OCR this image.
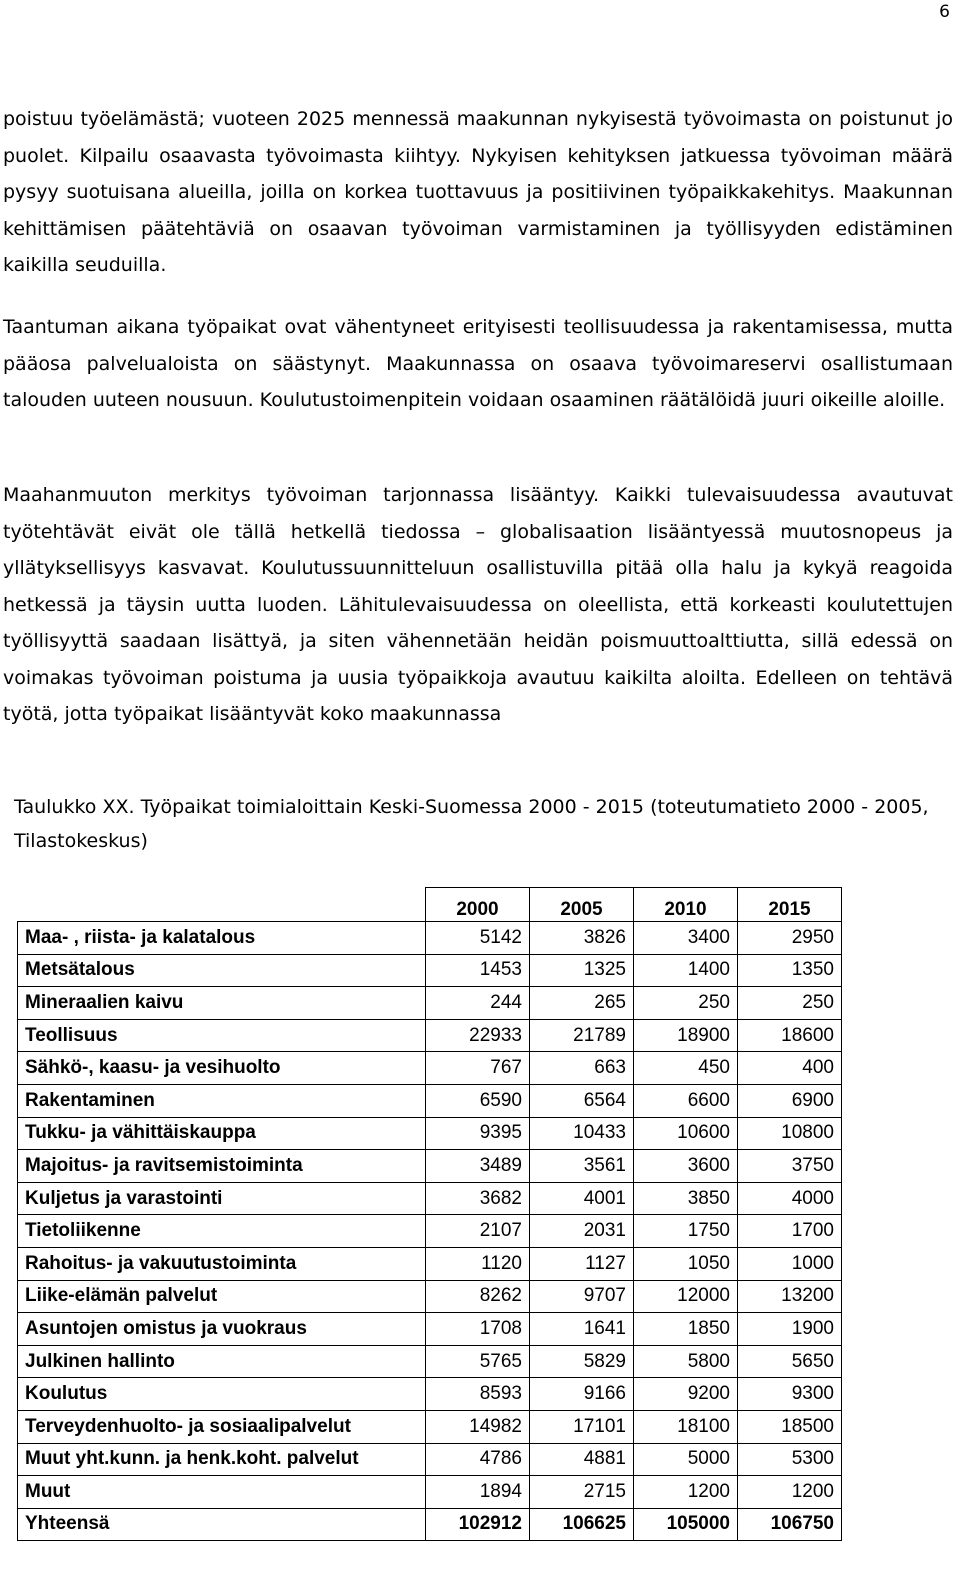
6

poistuu työelämästä; vuoteen 2025 mennessä maakunnan nykyisestä työvoimasta on poistunut jo puolet. Kilpailu osaavasta työvoimasta kiihtyy. Nykyisen kehityksen jatkuessa työvoiman määrä pysyy suotuisana alueilla, joilla on korkea tuottavuus ja positiivinen työpaikkakehitys. Maakunnan kehittämisen päätehtäviä on osaavan työvoiman varmistaminen ja työllisyyden edistäminen kaikilla seuduilla.

Taantuman aikana työpaikat ovat vähentyneet erityisesti teollisuudessa ja rakentamisessa, mutta pääosa palvelualoista on säästynyt. Maakunnassa on osaava työvoimareservi osallistumaan talouden uuteen nousuun. Koulutustoimenpitein voidaan osaaminen räätälöidä juuri oikeille aloille.

Maahanmuuton merkitys työvoiman tarjonnassa lisääntyy. Kaikki tulevaisuudessa avautuvat työtehtävät eivät ole tällä hetkellä tiedossa – globalisaation lisääntyessä muutosnopeus ja yllätyksellisyys kasvavat. Koulutussuunnitteluun osallistuvilla pitää olla halu ja kykyä reagoida hetkessä ja täysin uutta luoden. Lähitulevaisuudessa on oleellista, että korkeasti koulutettujen työllisyyttä saadaan lisättyä, ja siten vähennetään heidän poismuuttoalttiutta, sillä edessä on voimakas työvoiman poistuma ja uusia työpaikkoja avautuu kaikilta aloilta. Edelleen on tehtävä työtä, jotta työpaikat lisääntyvät koko maakunnassa

Taulukko XX. Työpaikat toimialoittain Keski-Suomessa 2000 - 2015 (toteutumatieto 2000 - 2005, Tilastokeskus)

	2000	2005	2010	2015
Maa- , riista- ja kalatalous	5142	3826	3400	2950
Metsätalous	1453	1325	1400	1350
Mineraalien kaivu	244	265	250	250
Teollisuus	22933	21789	18900	18600
Sähkö-, kaasu- ja vesihuolto	767	663	450	400
Rakentaminen	6590	6564	6600	6900
Tukku- ja vähittäiskauppa	9395	10433	10600	10800
Majoitus- ja ravitsemistoiminta	3489	3561	3600	3750
Kuljetus ja varastointi	3682	4001	3850	4000
Tietoliikenne	2107	2031	1750	1700
Rahoitus- ja vakuutustoiminta	1120	1127	1050	1000
Liike-elämän palvelut	8262	9707	12000	13200
Asuntojen omistus ja vuokraus	1708	1641	1850	1900
Julkinen hallinto	5765	5829	5800	5650
Koulutus	8593	9166	9200	9300
Terveydenhuolto- ja sosiaalipalvelut	14982	17101	18100	18500
Muut yht.kunn. ja henk.koht. palvelut	4786	4881	5000	5300
Muut	1894	2715	1200	1200
Yhteensä	102912	106625	105000	106750
